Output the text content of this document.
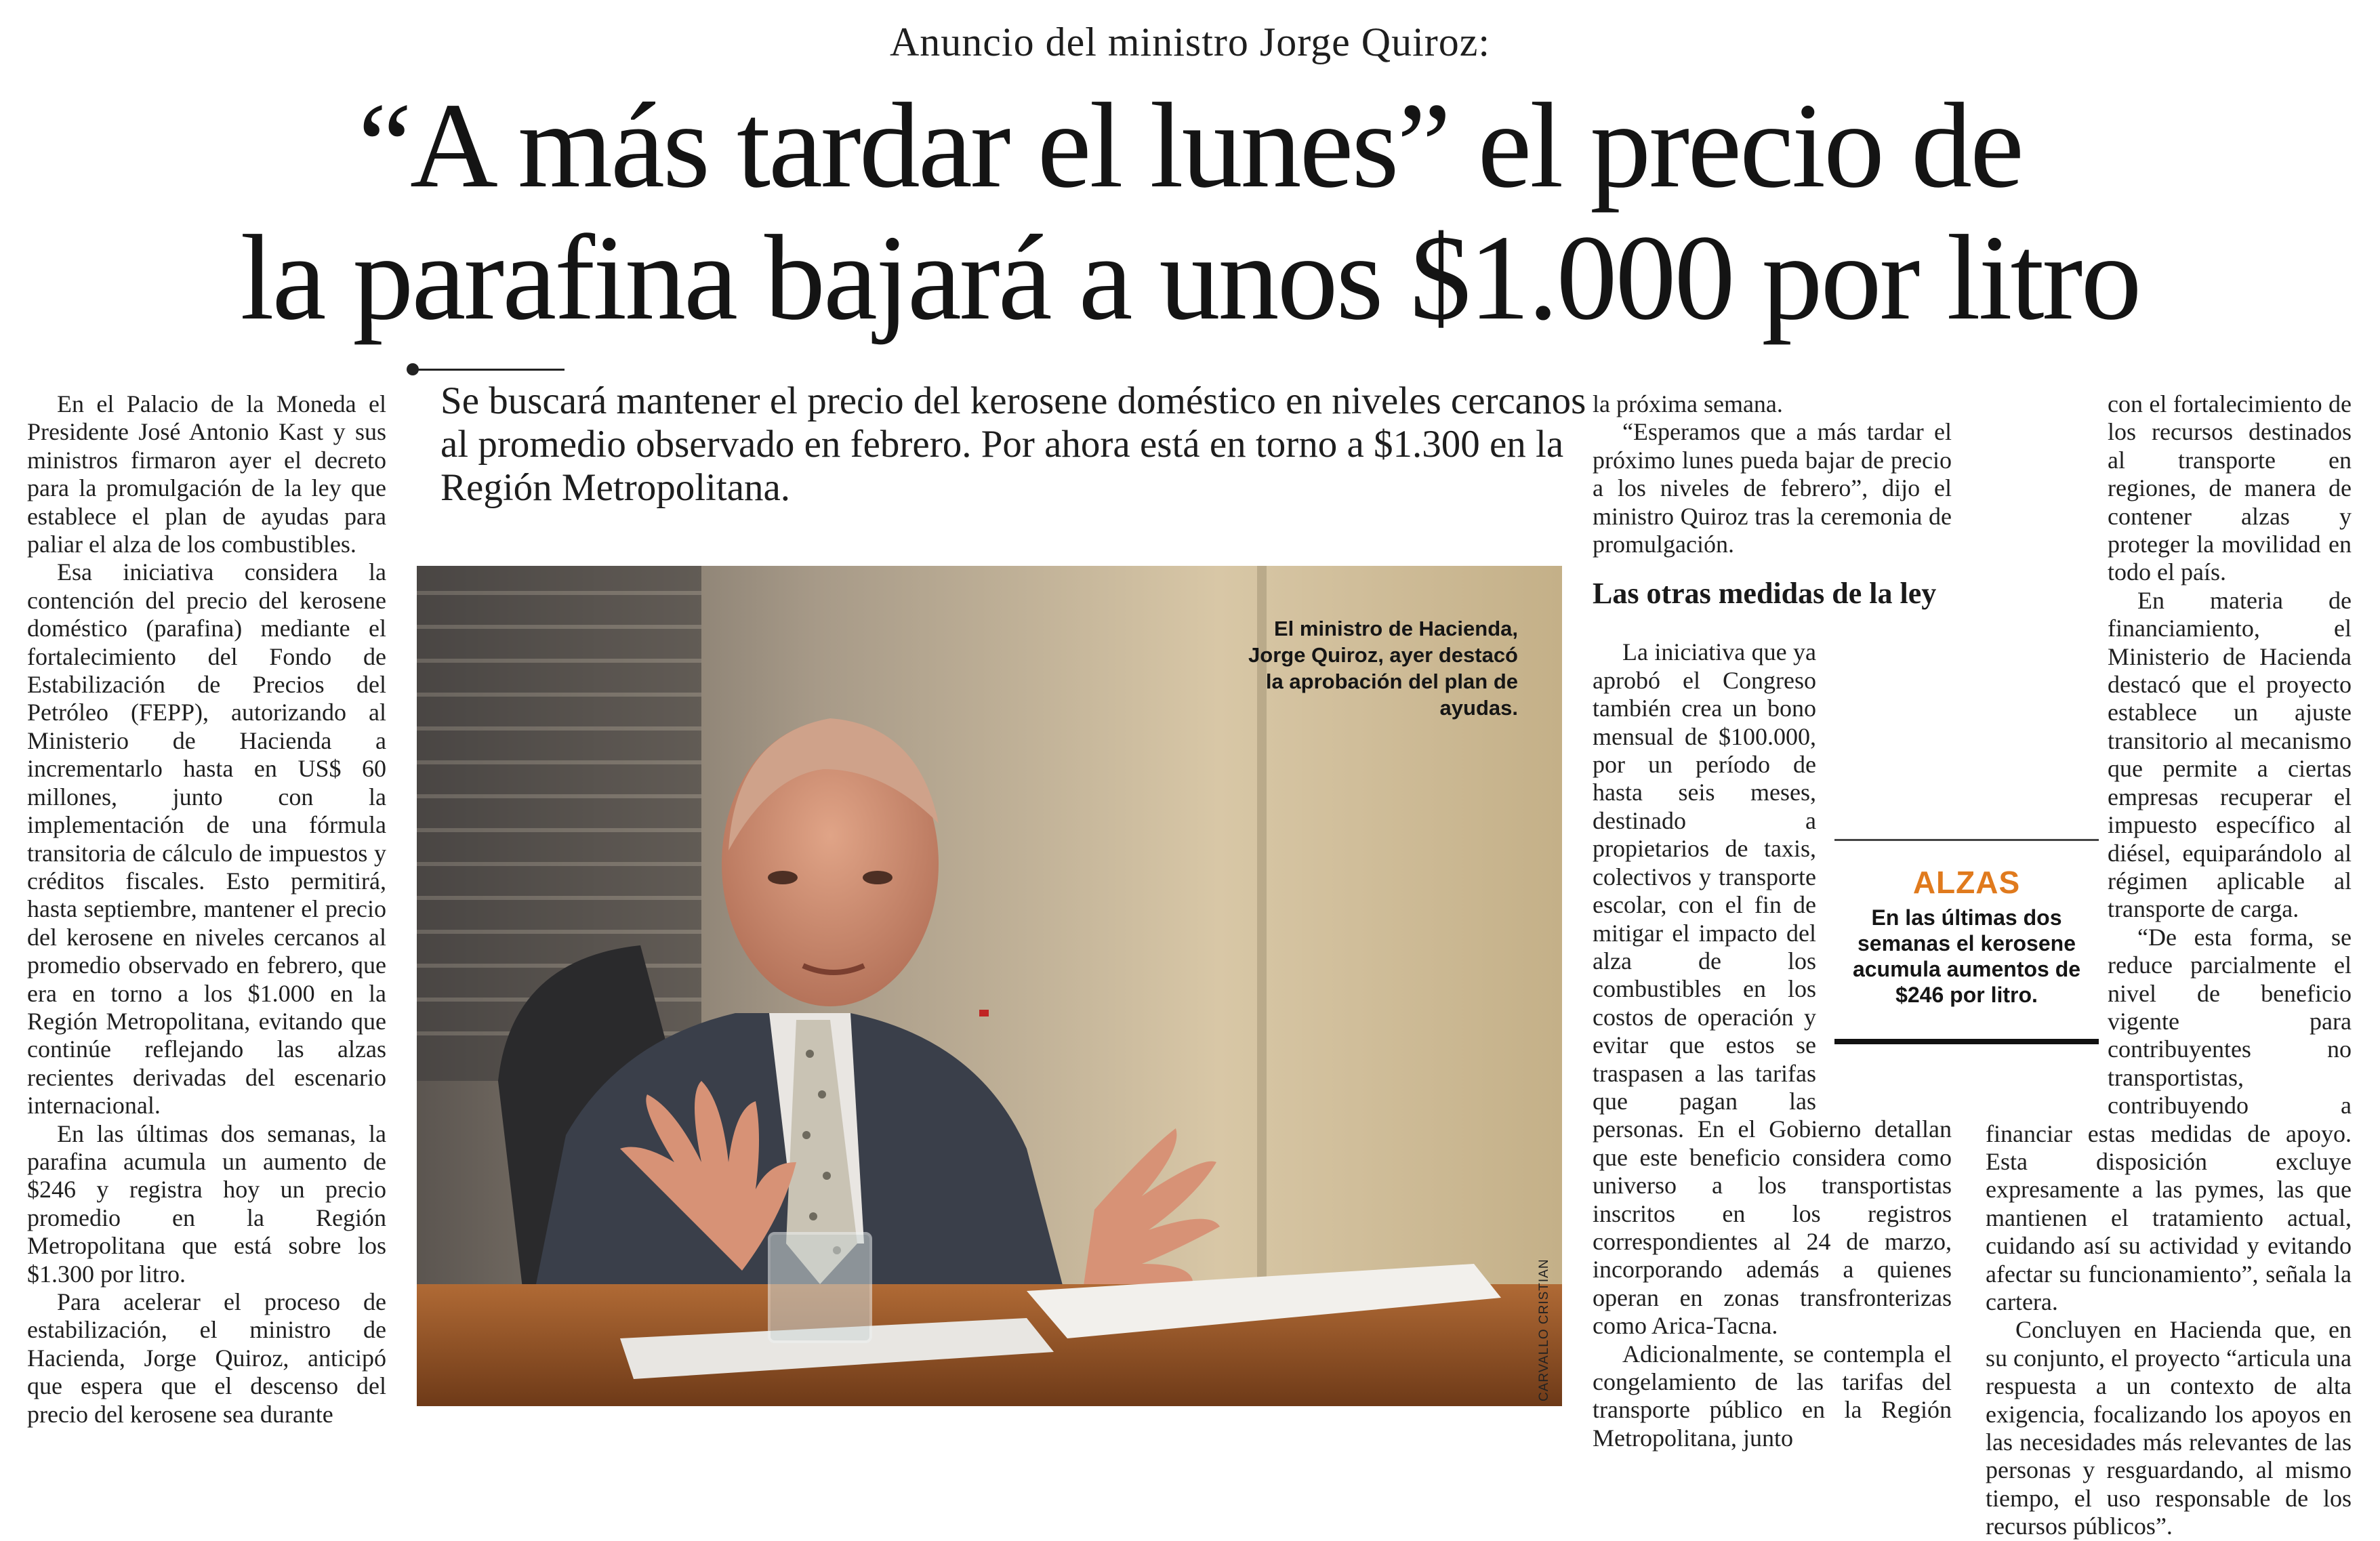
Anuncio del ministro Jorge Quiroz:
“A más tardar el lunes” el precio de
la parafina bajará a unos $1.000 por litro
Se buscará mantener el precio del kerosene doméstico en niveles cercanos al promedio observado en febrero. Por ahora está en torno a $1.300 en la Región Metropolitana.

En el Palacio de la Moneda el Presidente José Antonio Kast y sus ministros firmaron ayer el decreto para la promulgación de la ley que establece el plan de ayudas para paliar el alza de los combustibles.

Esa iniciativa considera la contención del precio del kerosene doméstico (parafina) mediante el fortalecimiento del Fondo de Estabilización de Precios del Petróleo (FEPP), autorizando al Ministerio de Hacienda a incrementarlo hasta en US$ 60 millones, junto con la implementación de una fórmula transitoria de cálculo de impuestos y créditos fiscales. Esto permitirá, hasta septiembre, mantener el precio del kerosene en niveles cercanos al promedio observado en febrero, que era en torno a los $1.000 en la Región Metropolitana, evitando que continúe reflejando las alzas recientes derivadas del escenario internacional.

En las últimas dos semanas, la parafina acumula un aumento de $246 y registra hoy un precio promedio en la Región Metropolitana que está sobre los $1.300 por litro.

Para acelerar el proceso de estabilización, el ministro de Hacienda, Jorge Quiroz, anticipó que espera que el descenso del precio del kerosene sea durante

El ministro de Hacienda, Jorge Quiroz, ayer destacó la aprobación del plan de ayudas.
CARVALLO CRISTIAN

la próxima semana.

“Esperamos que a más tardar el próximo lunes pueda bajar de precio a los niveles de febrero”, dijo el ministro Quiroz tras la ceremonia de promulgación.

Las otras medidas de la ley

La iniciativa que ya aprobó el Congreso también crea un bono mensual de $100.000, por un período de hasta seis meses, destinado a propietarios de taxis, colectivos y transporte escolar, con el fin de mitigar el impacto del alza de los combustibles en los costos de operación y evitar que estos se traspasen a las tarifas que pagan las personas. En el Gobierno detallan que este beneficio considera como universo a los transportistas inscritos en los registros correspondientes al 24 de marzo, incorporando además a quienes operan en zonas transfronterizas como Arica-Tacna.

Adicionalmente, se contempla el congelamiento de las tarifas del transporte público en la Región Metropolitana, junto

con el fortalecimiento de los recursos destinados al transporte en regiones, de manera de contener alzas y proteger la movilidad en todo el país.

En materia de financiamiento, el Ministerio de Hacienda destacó que el proyecto establece un ajuste transitorio al mecanismo que permite a ciertas empresas recuperar el impuesto específico al diésel, equiparándolo al régimen aplicable al transporte de carga.

“De esta forma, se reduce parcialmente el nivel de beneficio vigente para contribuyentes no transportistas, contribuyendo a financiar estas medidas de apoyo. Esta disposición excluye expresamente a las pymes, las que mantienen el tratamiento actual, cuidando así su actividad y evitando afectar su funcionamiento”, señala la cartera.

Concluyen en Hacienda que, en su conjunto, el proyecto “articula una respuesta a un contexto de alta exigencia, focalizando los apoyos en las necesidades más relevantes de las personas y resguardando, al mismo tiempo, el uso responsable de los recursos públicos”.

ALZAS
En las últimas dos semanas el kerosene acumula aumentos de $246 por litro.
